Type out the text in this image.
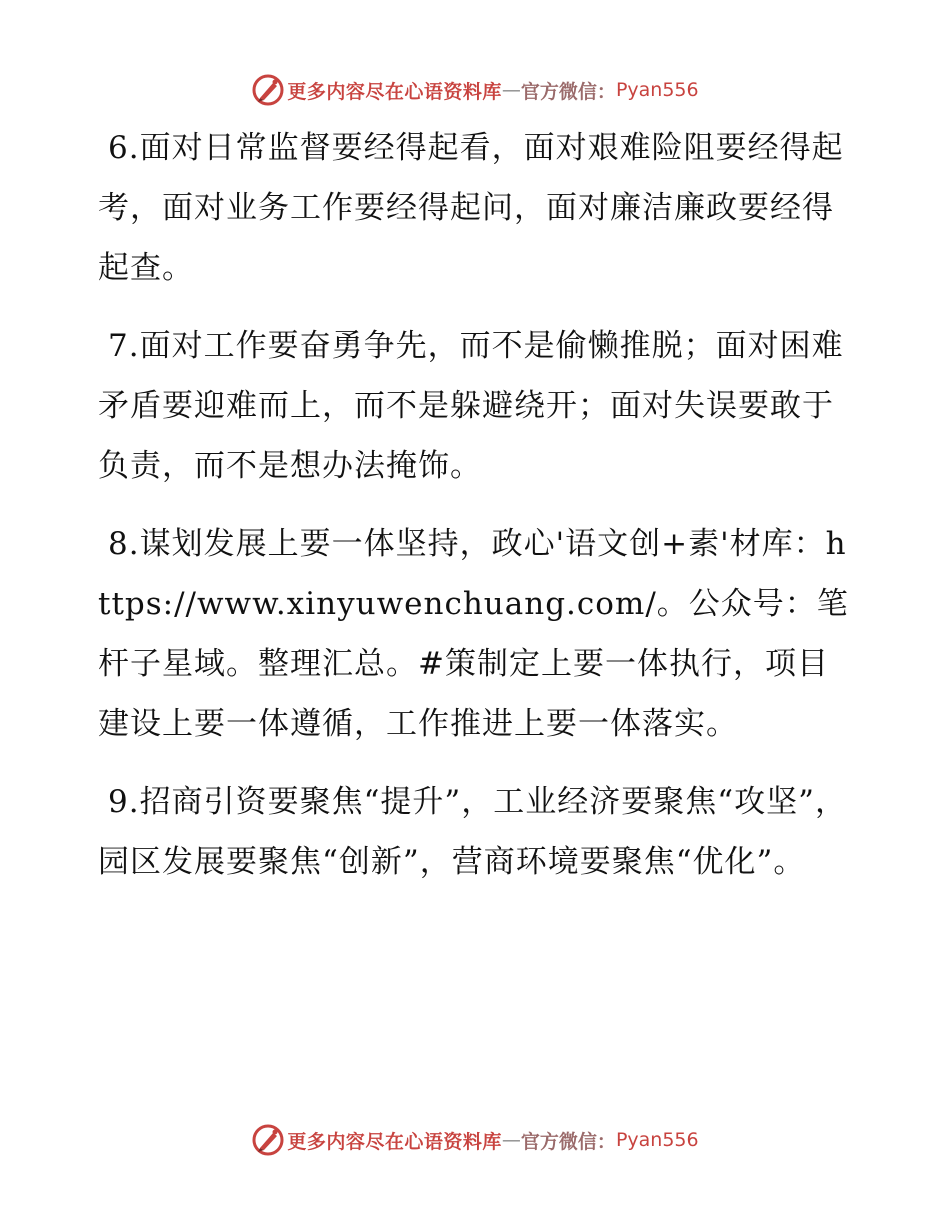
更多内容尽在心语资料库 — 官方微信： Pyan556

6.面对日常监督要经得起看，面对艰难险阻要经得起考，面对业务工作要经得起问，面对廉洁廉政要经得起查。

7.面对工作要奋勇争先，而不是偷懒推脱；面对困难矛盾要迎难而上，而不是躲避绕开；面对失误要敢于负责，而不是想办法掩饰。

8.谋划发展上要一体坚持，政心'语文创+素'材库：https://www.xinyuwenchuang.com/。公众号：笔杆子星域。整理汇总。#策制定上要一体执行，项目建设上要一体遵循，工作推进上要一体落实。

9.招商引资要聚焦“提升”，工业经济要聚焦“攻坚”，园区发展要聚焦“创新”，营商环境要聚焦“优化”。

更多内容尽在心语资料库 — 官方微信： Pyan556
